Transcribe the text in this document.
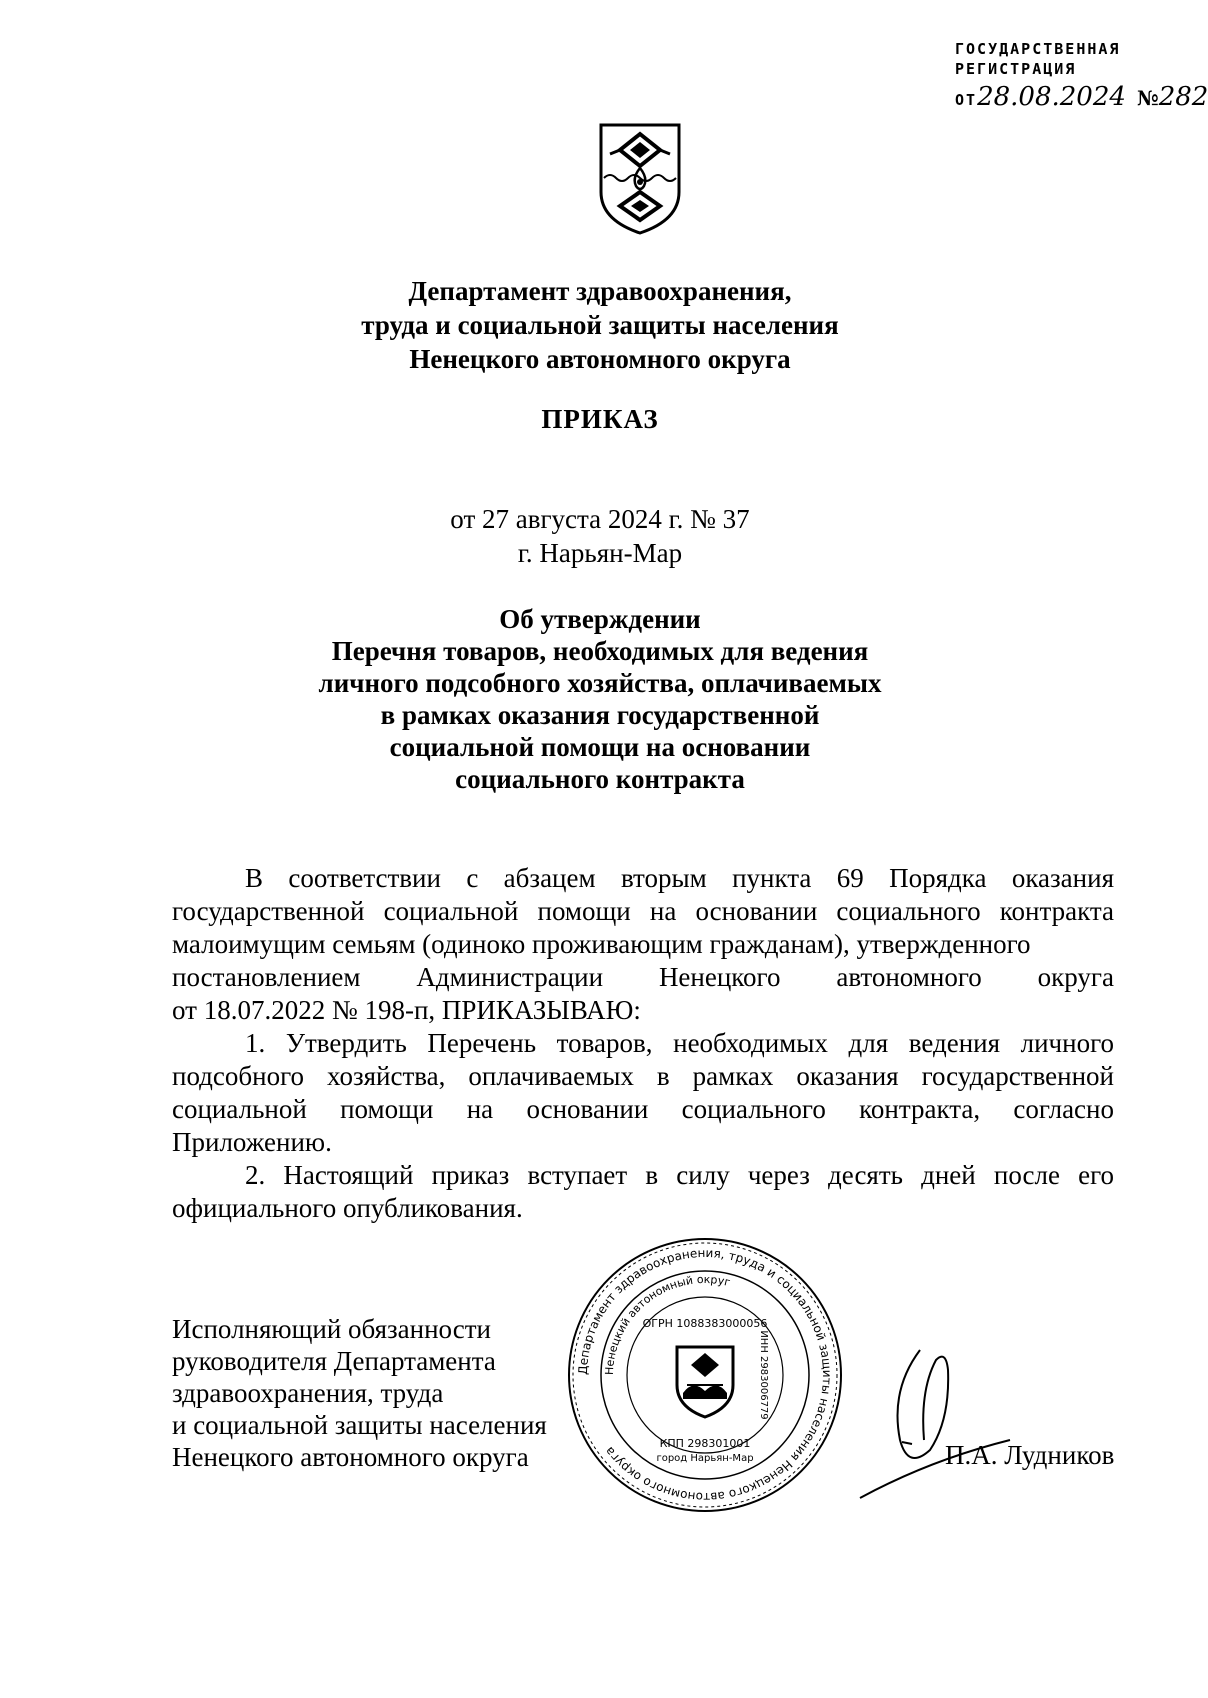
ГОСУДАРСТВЕННАЯ
РЕГИСТРАЦИЯ
ОТ28.08.2024 №282
Департамент здравоохранения,
труда и социальной защиты населения
Ненецкого автономного округа
ПРИКАЗ
от 27 августа 2024 г. № 37
г. Нарьян-Мар
Об утверждении
Перечня товаров, необходимых для ведения
личного подсобного хозяйства, оплачиваемых
в рамках оказания государственной
социальной помощи на основании
социального контракта
В соответствии с абзацем вторым пункта 69 Порядка оказания государственной социальной помощи на основании социального контракта малоимущим семьям (одиноко проживающим гражданам), утвержденного
постановлением Администрации Ненецкого автономного округа
от 18.07.2022 № 198-п, ПРИКАЗЫВАЮ:
1. Утвердить Перечень товаров, необходимых для ведения личного подсобного хозяйства, оплачиваемых в рамках оказания государственной социальной помощи на основании социального контракта, согласно Приложению.
2. Настоящий приказ вступает в силу через десять дней после его официального опубликования.
Исполняющий обязанности
руководителя Департамента
здравоохранения, труда
и социальной защиты населения
Ненецкого автономного округа
Департамент здравоохранения, труда и социальной защиты населения Ненецкого автономного округа
Ненецкий автономный округ
ОГРН 1088383000056
КПП 298301001
город Нарьян-Мар
ИНН 2983006779
П.А. Лудников
